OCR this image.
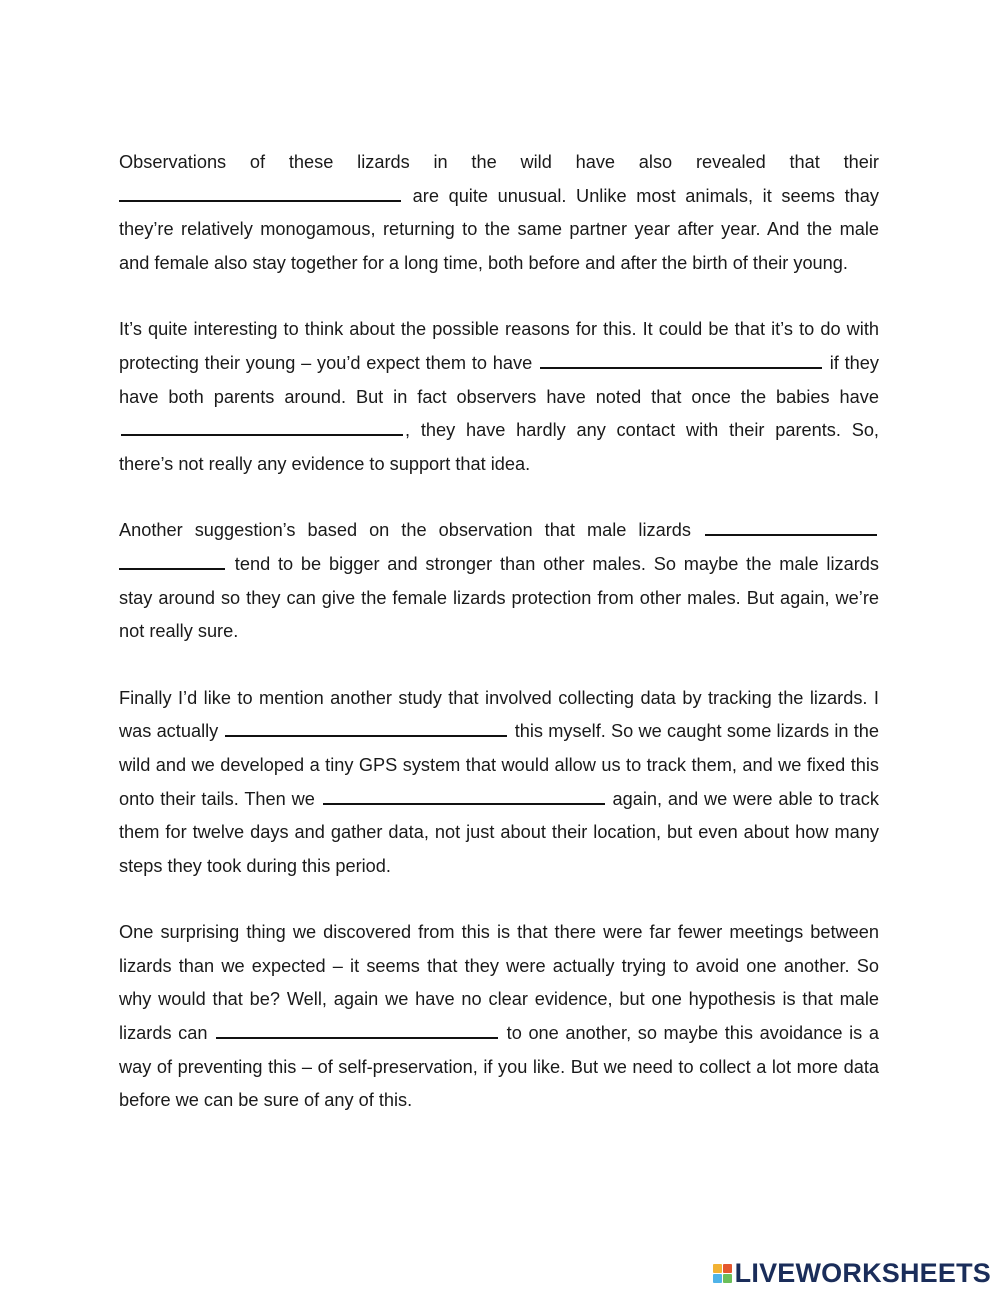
Observations of these lizards in the wild have also revealed that their  are quite unusual. Unlike most animals, it seems thay they’re relatively monogamous, returning to the same partner year after year. And the male and female also stay together for a long time, both before and after the birth of their young.

It’s quite interesting to think about the possible reasons for this. It could be that it’s to do with protecting their young – you’d expect them to have	if they have both parents around. But in fact observers have noted that once the babies have , they have hardly any contact with their parents. So, there’s not really any evidence to support that idea.

Another suggestion’s based on the observation that male lizards   tend to be bigger and stronger than other males. So maybe the male lizards stay around so they can give the female lizards protection from other males. But again, we’re not really sure.

Finally I’d like to mention another study that involved collecting data by tracking the lizards. I was actually	this myself. So we caught some lizards in the wild and we developed a tiny GPS system that would allow us to track them, and we fixed this onto their tails. Then we	again, and we were able to track them for twelve days and gather data, not just about their location, but even about how many steps they took during this period.

One surprising thing we discovered from this is that there were far fewer meetings between lizards than we expected – it seems that they were actually trying to avoid one another. So why would that be? Well, again we have no clear evidence, but one hypothesis is that male lizards can	to one another, so maybe this avoidance is a way of preventing this – of self-preservation, if you like. But we need to collect a lot more data before we can be sure of any of this.

LIVEWORKSHEETS
